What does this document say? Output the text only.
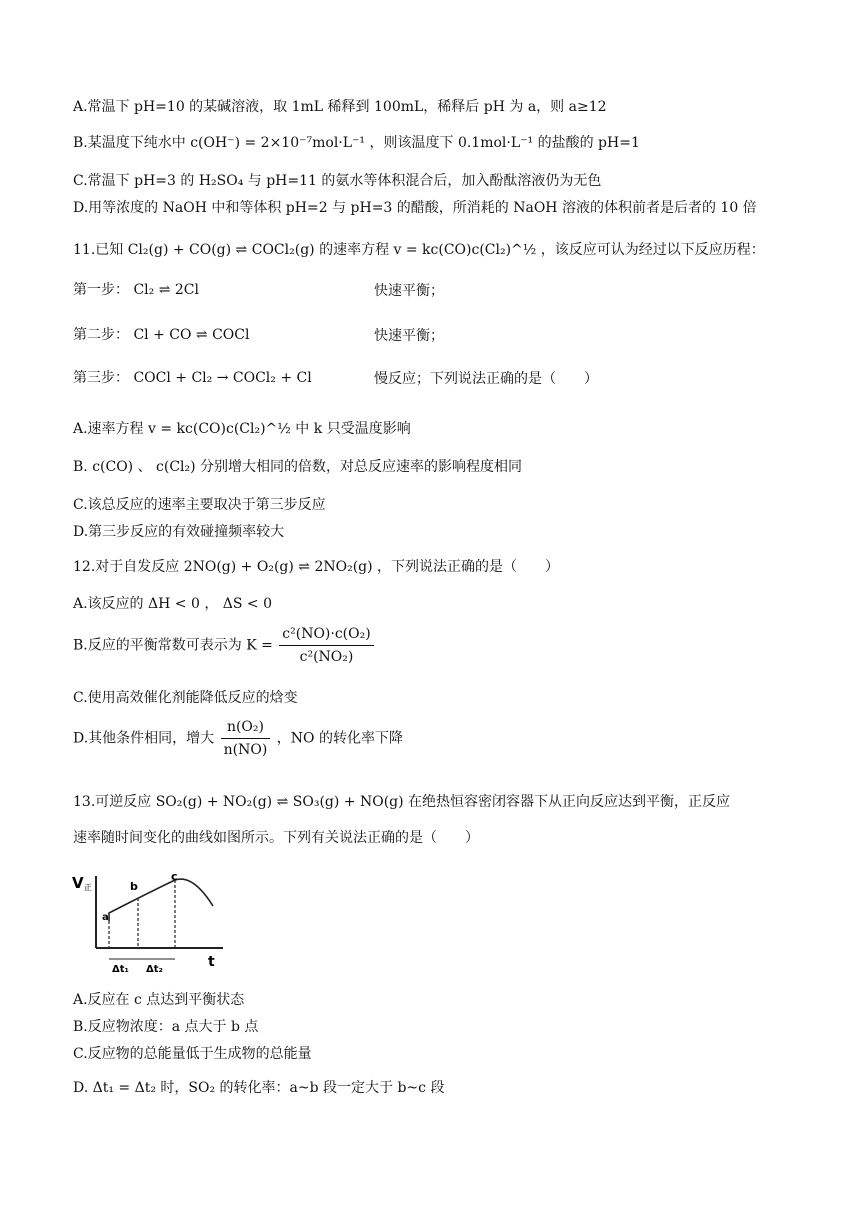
A.常温下 pH=10 的某碱溶液，取 1mL 稀释到 100mL，稀释后 pH 为 a，则 a≥12
B.某温度下纯水中 c(OH⁻) = 2×10⁻⁷mol·L⁻¹ ，则该温度下 0.1mol·L⁻¹ 的盐酸的 pH=1
C.常温下 pH=3 的 H₂SO₄ 与 pH=11 的氨水等体积混合后，加入酚酞溶液仍为无色
D.用等浓度的 NaOH 中和等体积 pH=2 与 pH=3 的醋酸，所消耗的 NaOH 溶液的体积前者是后者的 10 倍
11.已知 Cl₂(g) + CO(g) ⇌ COCl₂(g) 的速率方程 v = kc(CO)c(Cl₂)^½ ，该反应可认为经过以下反应历程：
第一步： Cl₂ ⇌ 2Cl	快速平衡；
第二步： Cl + CO ⇌ COCl	快速平衡；
第三步： COCl + Cl₂ → COCl₂ + Cl	慢反应；下列说法正确的是（　　）
A.速率方程 v = kc(CO)c(Cl₂)^½ 中 k 只受温度影响
B. c(CO) 、 c(Cl₂) 分别增大相同的倍数，对总反应速率的影响程度相同
C.该总反应的速率主要取决于第三步反应
D.第三步反应的有效碰撞频率较大
12.对于自发反应 2NO(g) + O₂(g) ⇌ 2NO₂(g) ，下列说法正确的是（　　）
A.该反应的 ΔH < 0 ， ΔS < 0
B.反应的平衡常数可表示为 $K = \frac{\text{c²(NO)·c(O₂)}}{\text{c²(NO₂)}}$
C.使用高效催化剂能降低反应的焓变
D.其他条件相同，增大 $\frac{\text{n(O₂)}}{n(NO)}$ ，NO 的转化率下降
13.可逆反应 SO₂(g) + NO₂(g) ⇌ SO₃(g) + NO(g) 在绝热恒容密闭容器下从正向反应达到平衡，正反应
速率随时间变化的曲线如图所示。下列有关说法正确的是（　　）
V 正
t
a
b
c
Δt₁ Δt₂
A.反应在 c 点达到平衡状态
B.反应物浓度：a 点大于 b 点
C.反应物的总能量低于生成物的总能量
D. Δt₁ = Δt₂ 时，SO₂ 的转化率：a~b 段一定大于 b~c 段
